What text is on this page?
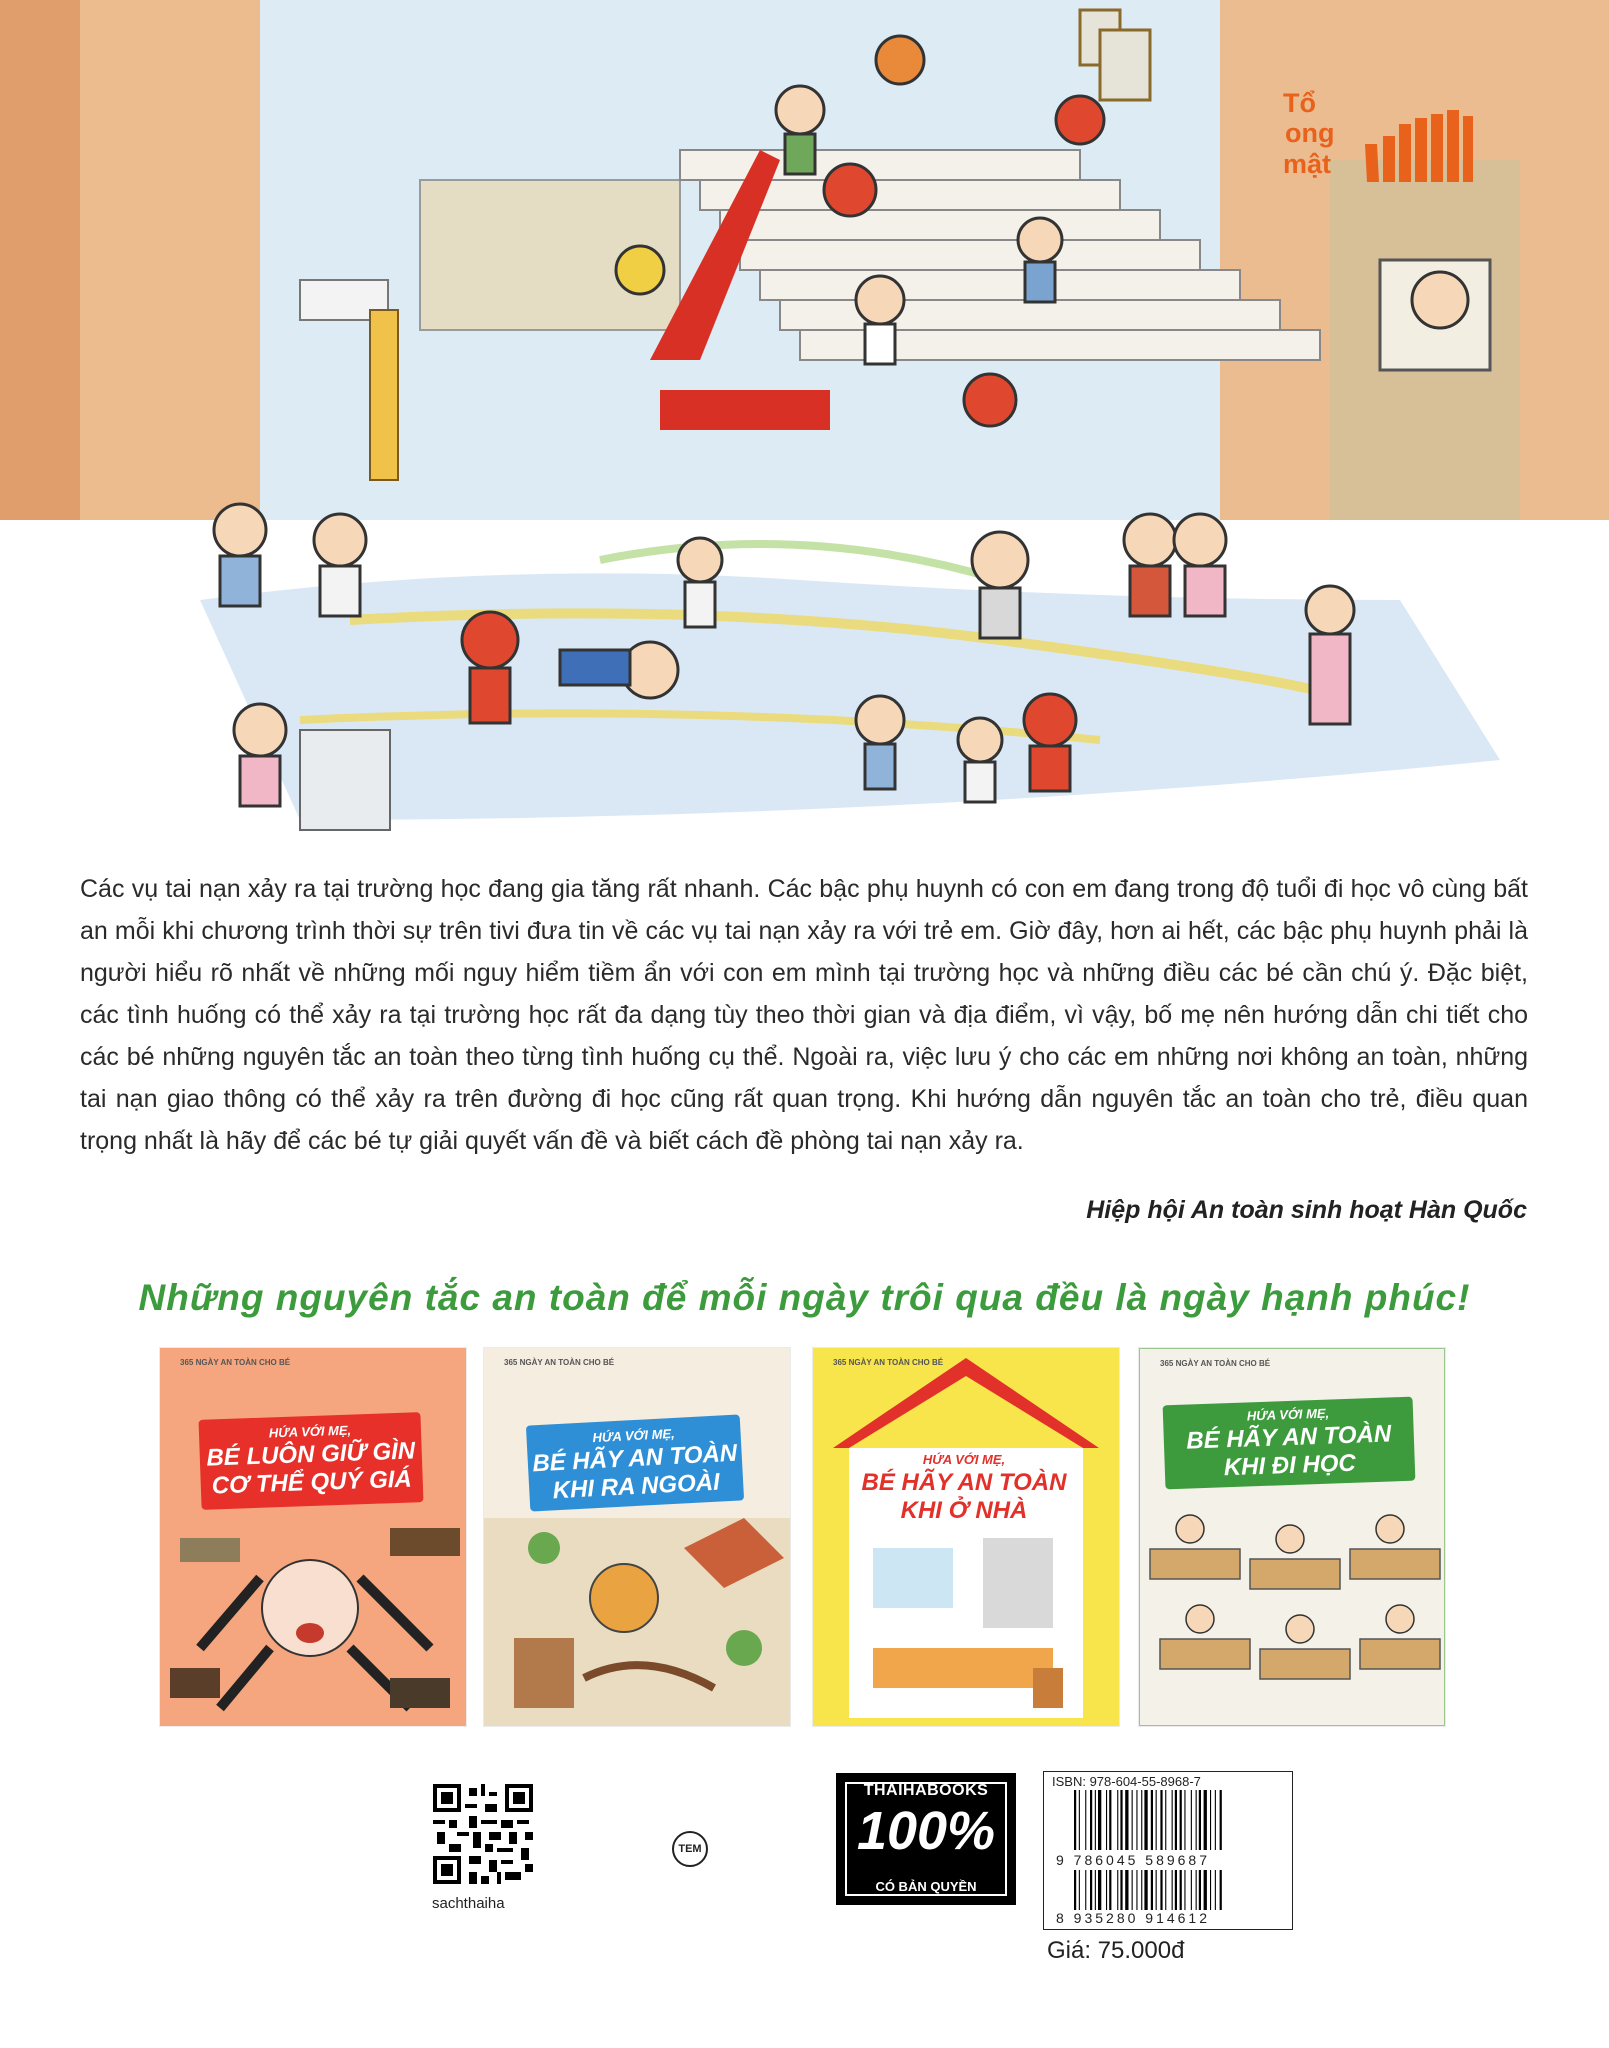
Tổ
ong
mật
Các vụ tai nạn xảy ra tại trường học đang gia tăng rất nhanh. Các bậc phụ huynh có con em đang trong độ tuổi đi học vô cùng bất an mỗi khi chương trình thời sự trên tivi đưa tin về các vụ tai nạn xảy ra với trẻ em. Giờ đây, hơn ai hết, các bậc phụ huynh phải là người hiểu rõ nhất về những mối nguy hiểm tiềm ẩn với con em mình tại trường học và những điều các bé cần chú ý. Đặc biệt, các tình huống có thể xảy ra tại trường học rất đa dạng tùy theo thời gian và địa điểm, vì vậy, bố mẹ nên hướng dẫn chi tiết cho các bé những nguyên tắc an toàn theo từng tình huống cụ thể. Ngoài ra, việc lưu ý cho các em những nơi không an toàn, những tai nạn giao thông có thể xảy ra trên đường đi học cũng rất quan trọng. Khi hướng dẫn nguyên tắc an toàn cho trẻ, điều quan trọng nhất là hãy để các bé tự giải quyết vấn đề và biết cách đề phòng tai nạn xảy ra.
Hiệp hội An toàn sinh hoạt Hàn Quốc
Những nguyên tắc an toàn để mỗi ngày trôi qua đều là ngày hạnh phúc!
365 NGÀY AN TOÀN CHO BÉ
HỨA VỚI MẸ,
BÉ LUÔN GIỮ GÌN CƠ THỂ QUÝ GIÁ
365 NGÀY AN TOÀN CHO BÉ
HỨA VỚI MẸ,
BÉ HÃY AN TOÀN KHI RA NGOÀI
365 NGÀY AN TOÀN CHO BÉ
HỨA VỚI MẸ,
BÉ HÃY AN TOÀN KHI Ở NHÀ
365 NGÀY AN TOÀN CHO BÉ
HỨA VỚI MẸ,
BÉ HÃY AN TOÀN KHI ĐI HỌC
sachthaiha
TEM
THAIHABOOKS
100%
CÓ BẢN QUYỀN
ISBN: 978-604-55-8968-7
9 786045 589687
8 935280 914612
Giá: 75.000đ
